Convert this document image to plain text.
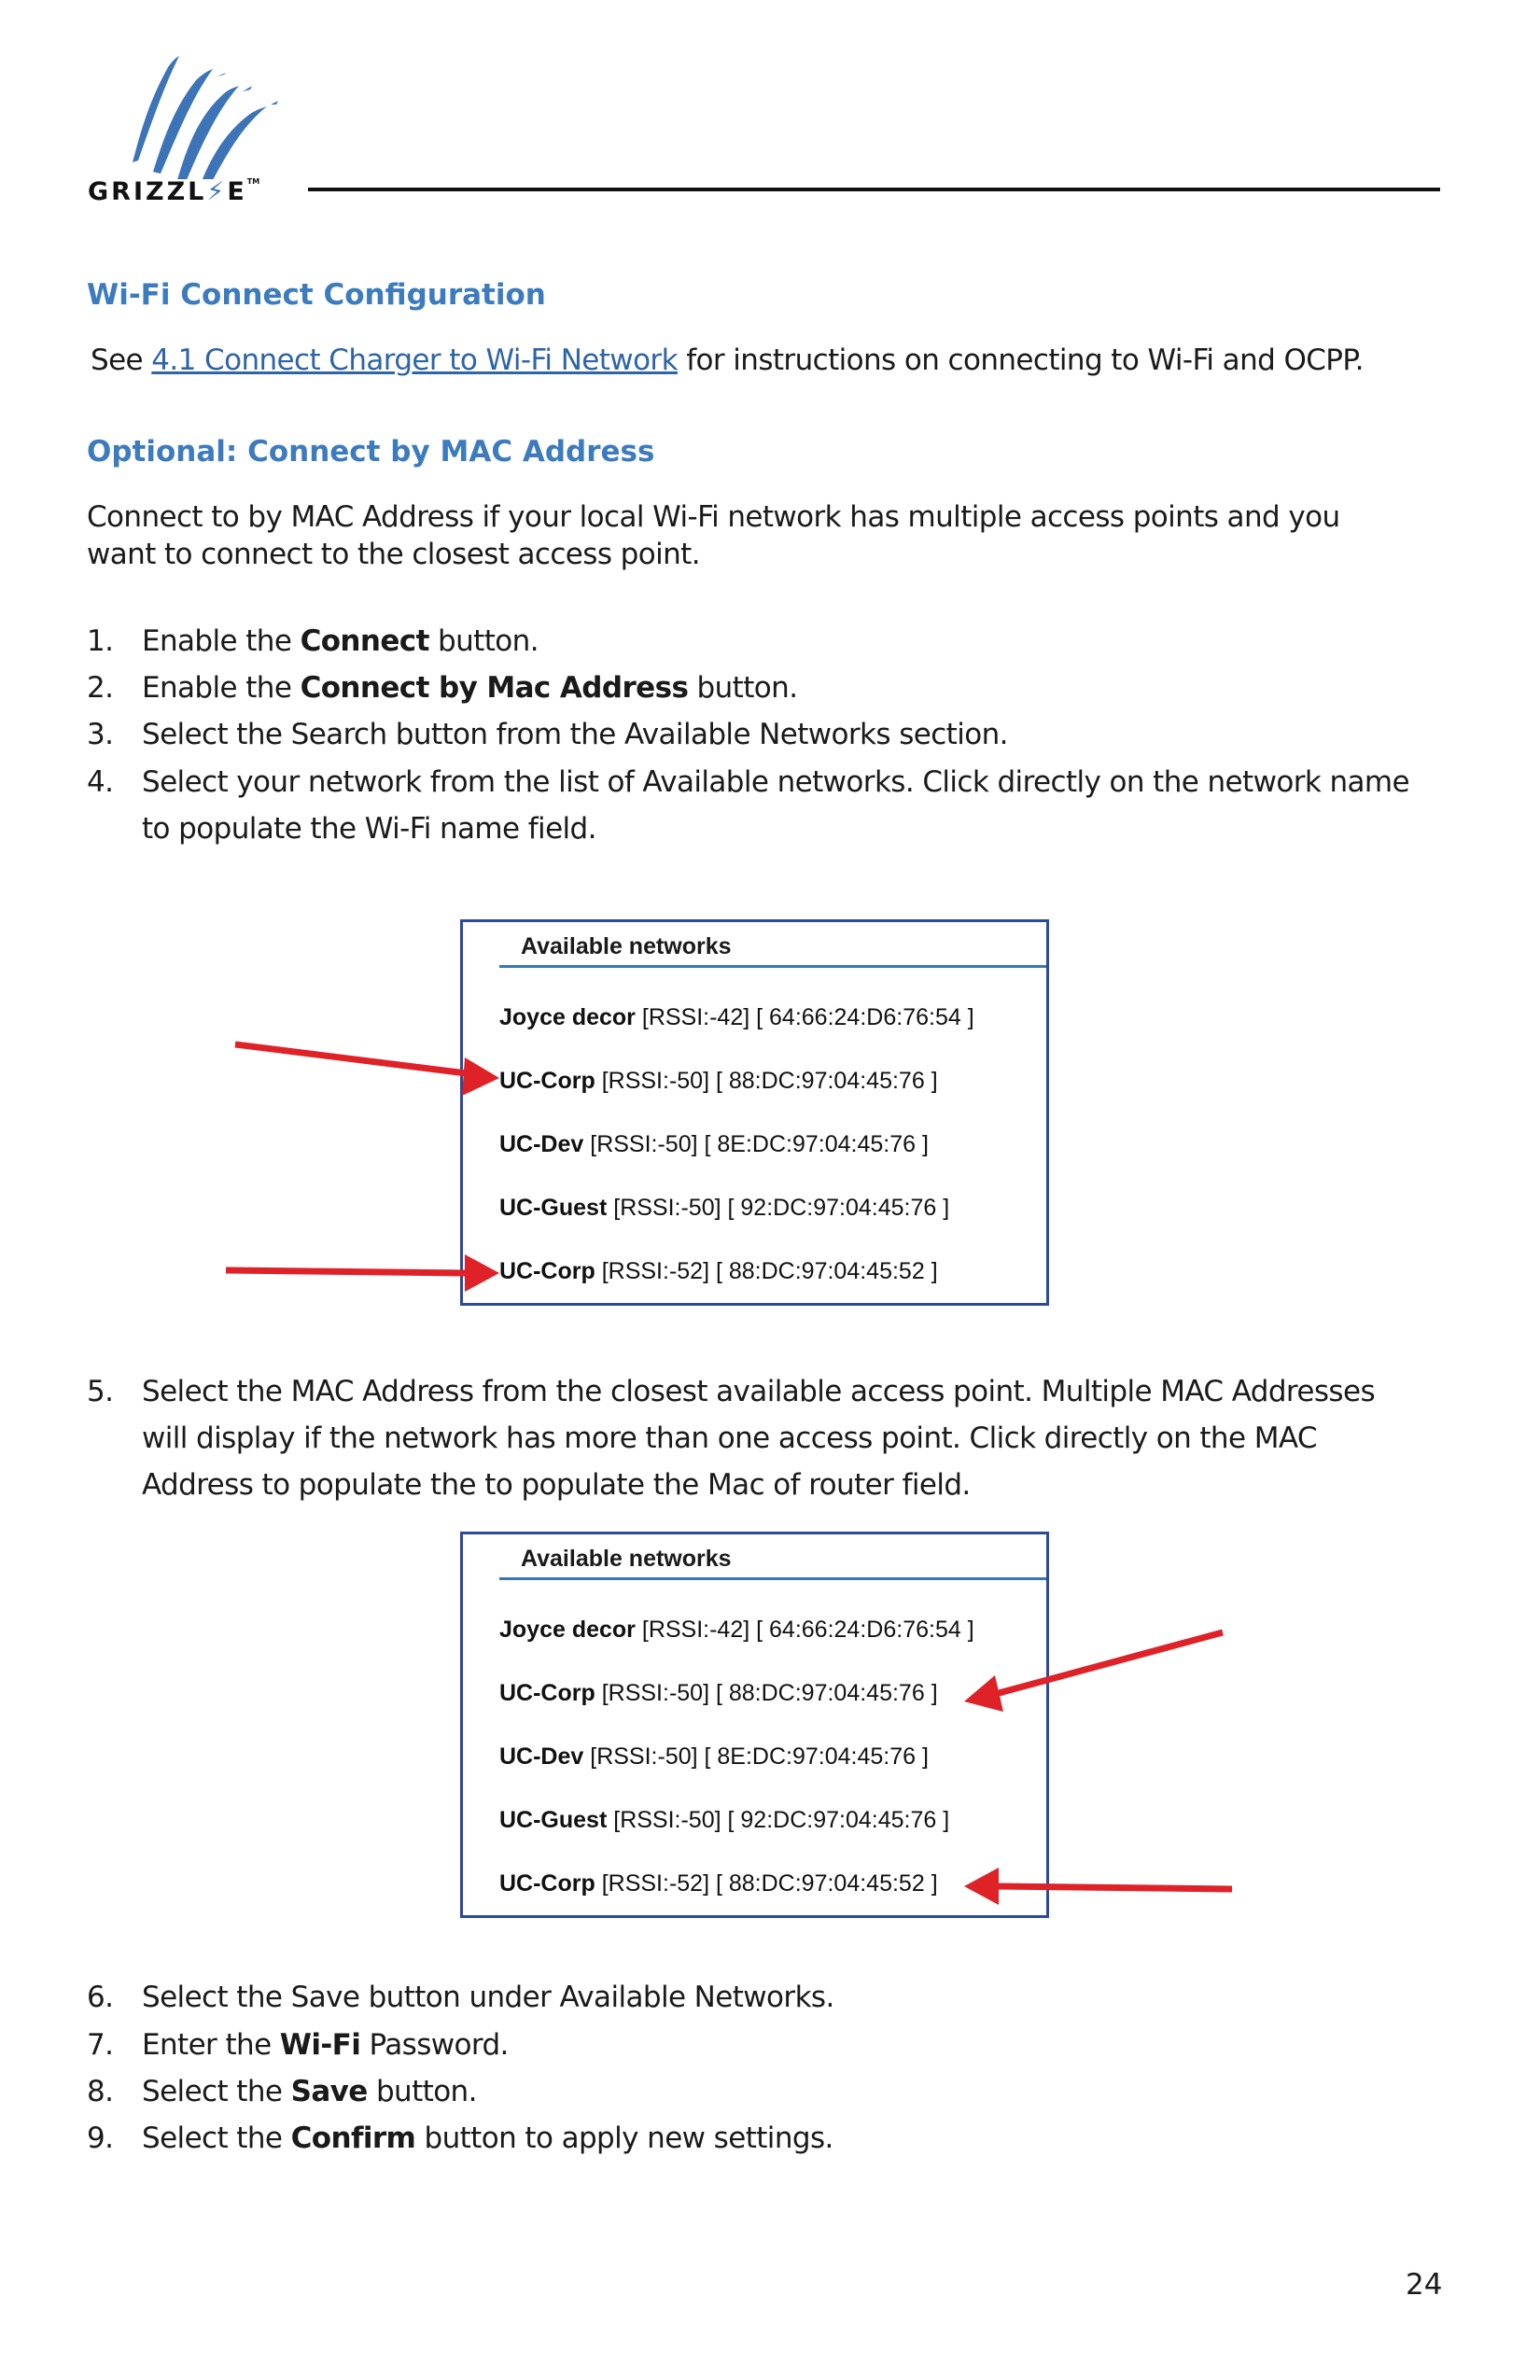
GRIZZL⚡E™
Wi-Fi Connect Configuration
See 4.1 Connect Charger to Wi-Fi Network for instructions on connecting to Wi-Fi and OCPP.
Optional: Connect by MAC Address
Connect to by MAC Address if your local Wi-Fi network has multiple access points and you
want to connect to the closest access point.
1. Enable the Connect button.
2. Enable the Connect by Mac Address button.
3. Select the Search button from the Available Networks section.
4. Select your network from the list of Available networks. Click directly on the network name
to populate the Wi-Fi name field.
Available networks
Joyce decor [RSSI:-42] [ 64:66:24:D6:76:54 ]
UC-Corp [RSSI:-50] [ 88:DC:97:04:45:76 ]
UC-Dev [RSSI:-50] [ 8E:DC:97:04:45:76 ]
UC-Guest [RSSI:-50] [ 92:DC:97:04:45:76 ]
UC-Corp [RSSI:-52] [ 88:DC:97:04:45:52 ]
5. Select the MAC Address from the closest available access point. Multiple MAC Addresses
will display if the network has more than one access point. Click directly on the MAC
Address to populate the to populate the Mac of router field.
Available networks
Joyce decor [RSSI:-42] [ 64:66:24:D6:76:54 ]
UC-Corp [RSSI:-50] [ 88:DC:97:04:45:76 ]
UC-Dev [RSSI:-50] [ 8E:DC:97:04:45:76 ]
UC-Guest [RSSI:-50] [ 92:DC:97:04:45:76 ]
UC-Corp [RSSI:-52] [ 88:DC:97:04:45:52 ]
6. Select the Save button under Available Networks.
7. Enter the Wi-Fi Password.
8. Select the Save button.
9. Select the Confirm button to apply new settings.
24
